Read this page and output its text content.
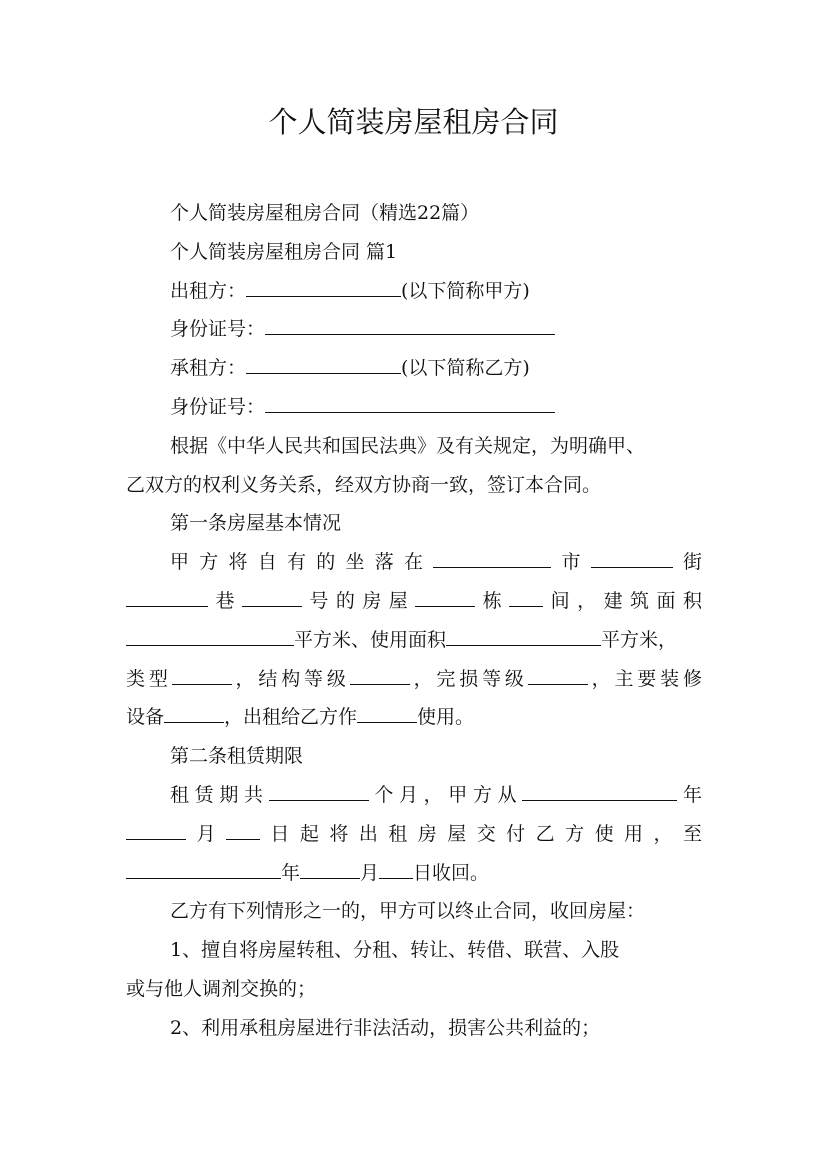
个人简装房屋租房合同

个人简装房屋租房合同（精选22篇）

个人简装房屋租房合同 篇1

出租方：	(以下简称甲方)

身份证号：

承租方：	(以下简称乙方)

身份证号：

根据《中华人民共和国民法典》及有关规定，为明确甲、

乙双方的权利义务关系，经双方协商一致，签订本合同。

第一条房屋基本情况

甲方将自有的坐落在	市	街

巷	号的房屋	栋 间，建筑面积

平方米、使用面积	平方米，

类型	，结构等级	，完损等级	，主要装修

设备	，出租给乙方作	使用。

第二条租赁期限

租赁期共	个月，甲方从	年

月 日起将出租房屋交付乙方使用，至

年	月 日收回。

乙方有下列情形之一的，甲方可以终止合同，收回房屋：

1、擅自将房屋转租、分租、转让、转借、联营、入股

或与他人调剂交换的；

2、利用承租房屋进行非法活动，损害公共利益的；
